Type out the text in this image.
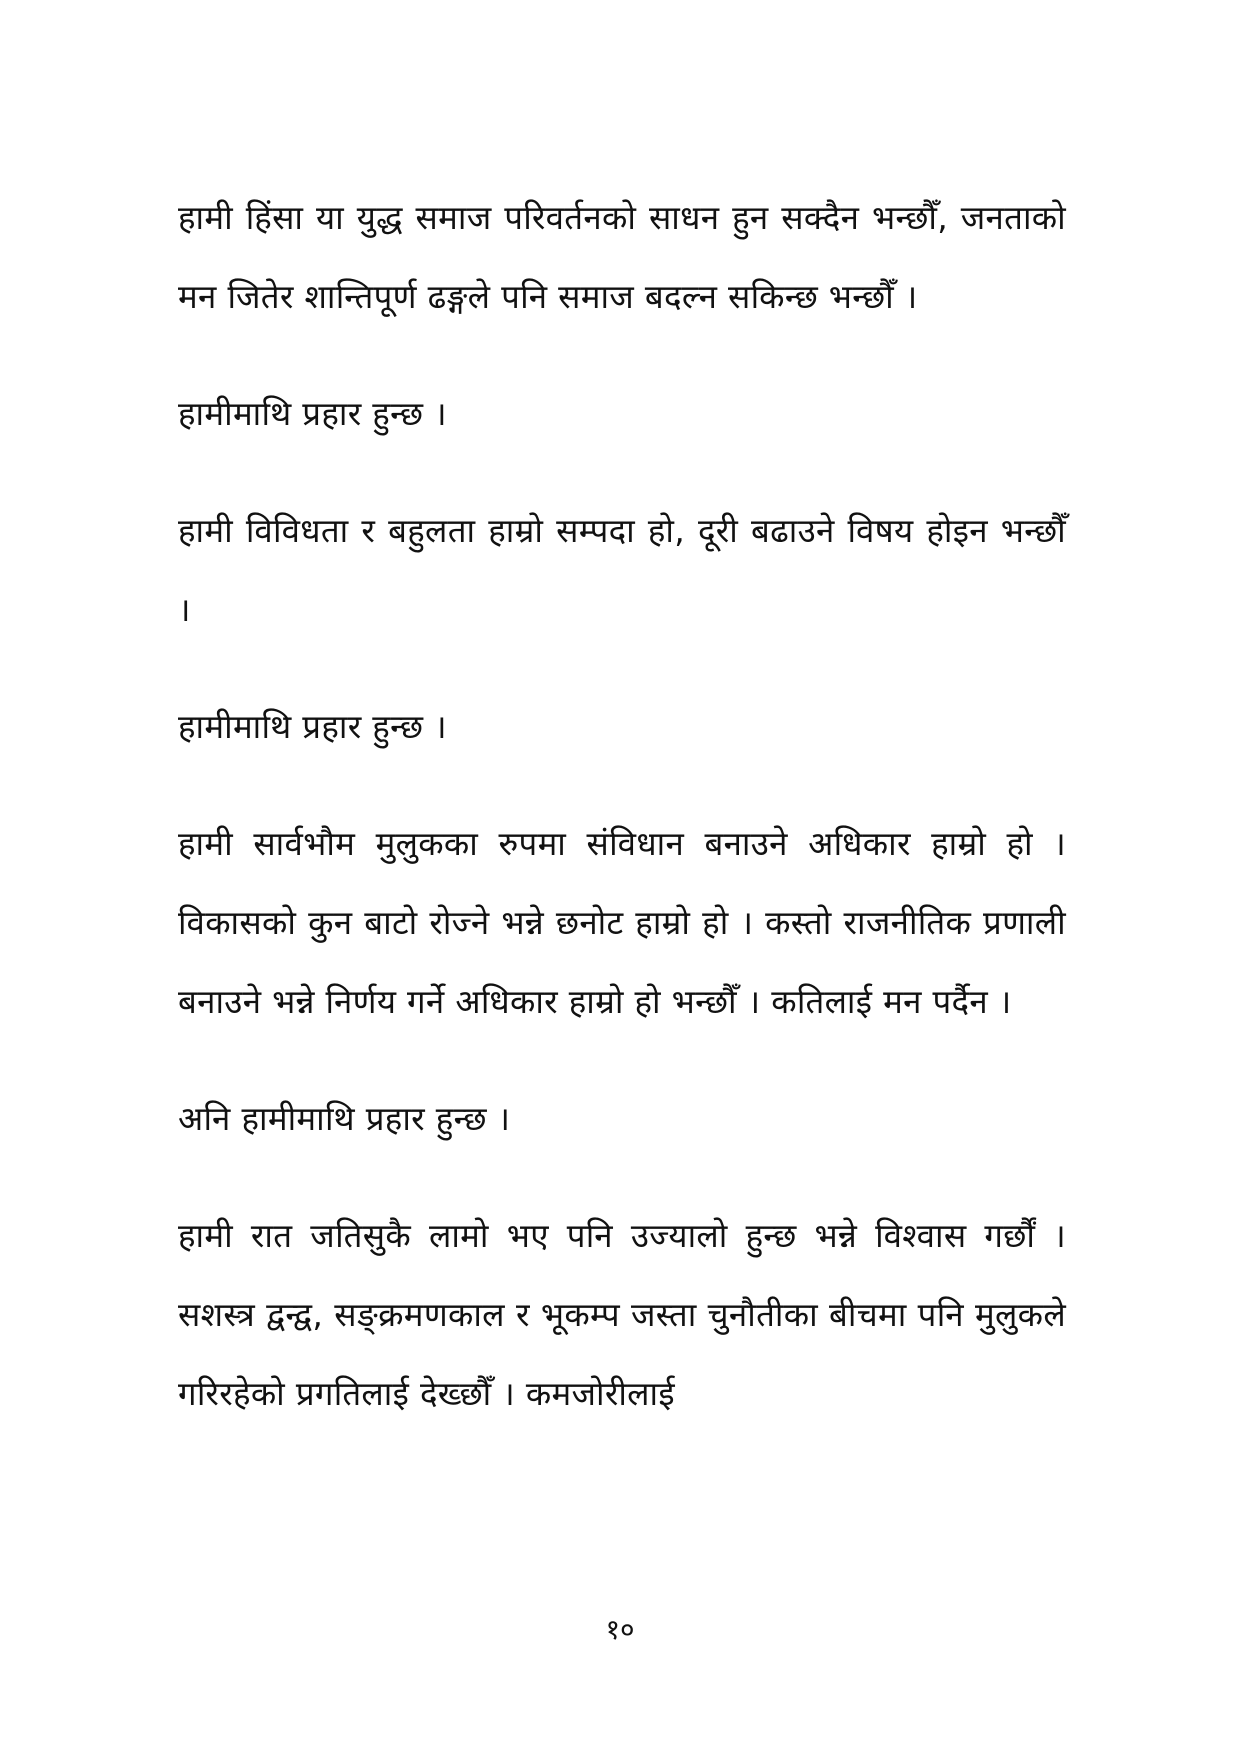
हामी हिंसा या युद्ध समाज परिवर्तनको साधन हुन सक्दैन भन्छौँ, जनताको मन जितेर शान्तिपूर्ण ढङ्गले पनि समाज बदल्न सकिन्छ भन्छौँ ।

हामीमाथि प्रहार हुन्छ ।

हामी विविधता र बहुलता हाम्रो सम्पदा हो, दूरी बढाउने विषय होइन भन्छौँ ।

हामीमाथि प्रहार हुन्छ ।

हामी सार्वभौम मुलुकका रुपमा संविधान बनाउने अधिकार हाम्रो हो । विकासको कुन बाटो रोज्ने भन्ने छनोट हाम्रो हो । कस्तो राजनीतिक प्रणाली बनाउने भन्ने निर्णय गर्ने अधिकार हाम्रो हो भन्छौँ । कतिलाई मन पर्दैन ।

अनि हामीमाथि प्रहार हुन्छ ।

हामी रात जतिसुकै लामो भए पनि उज्यालो हुन्छ भन्ने विश्वास गर्छौं । सशस्त्र द्वन्द्व, सङ्क्रमणकाल र भूकम्प जस्ता चुनौतीका बीचमा पनि मुलुकले गरिरहेको प्रगतिलाई देख्छौँ । कमजोरीलाई

१०
